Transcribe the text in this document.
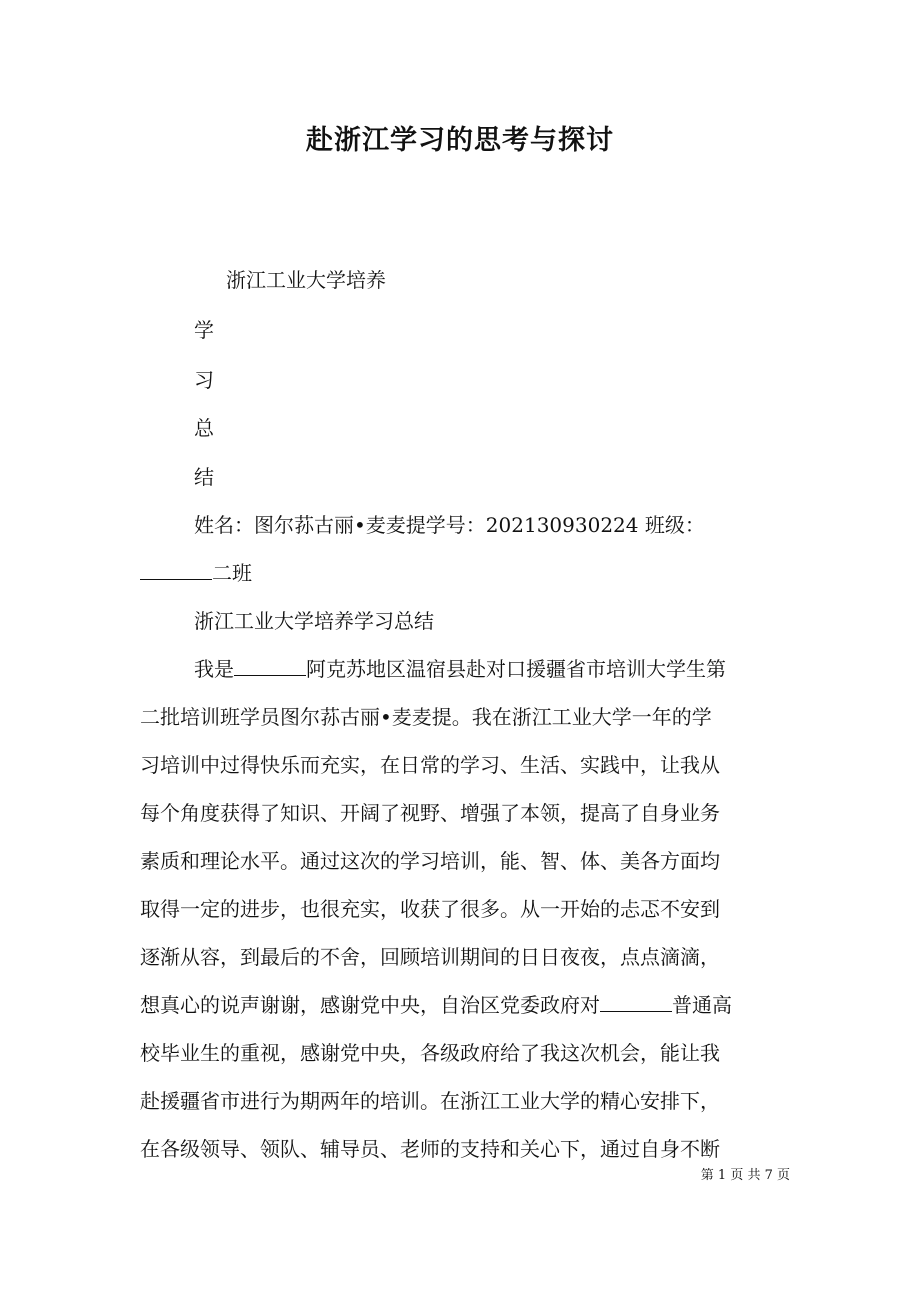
赴浙江学习的思考与探讨
浙江工业大学培养
学
习
总
结
姓名：图尔荪古丽•麦麦提学号：202130930224 班级：
二班
浙江工业大学培养学习总结
我是	阿克苏地区温宿县赴对口援疆省市培训大学生第
二批培训班学员图尔荪古丽•麦麦提。我在浙江工业大学一年的学
习培训中过得快乐而充实，在日常的学习、生活、实践中，让我从
每个角度获得了知识、开阔了视野、增强了本领，提高了自身业务
素质和理论水平。通过这次的学习培训，能、智、体、美各方面均
取得一定的进步，也很充实，收获了很多。从一开始的忐忑不安到
逐渐从容，到最后的不舍，回顾培训期间的日日夜夜，点点滴滴，
想真心的说声谢谢，感谢党中央，自治区党委政府对	普通高
校毕业生的重视，感谢党中央，各级政府给了我这次机会，能让我
赴援疆省市进行为期两年的培训。在浙江工业大学的精心安排下，
在各级领导、领队、辅导员、老师的支持和关心下，通过自身不断
第 1 页 共 7 页
